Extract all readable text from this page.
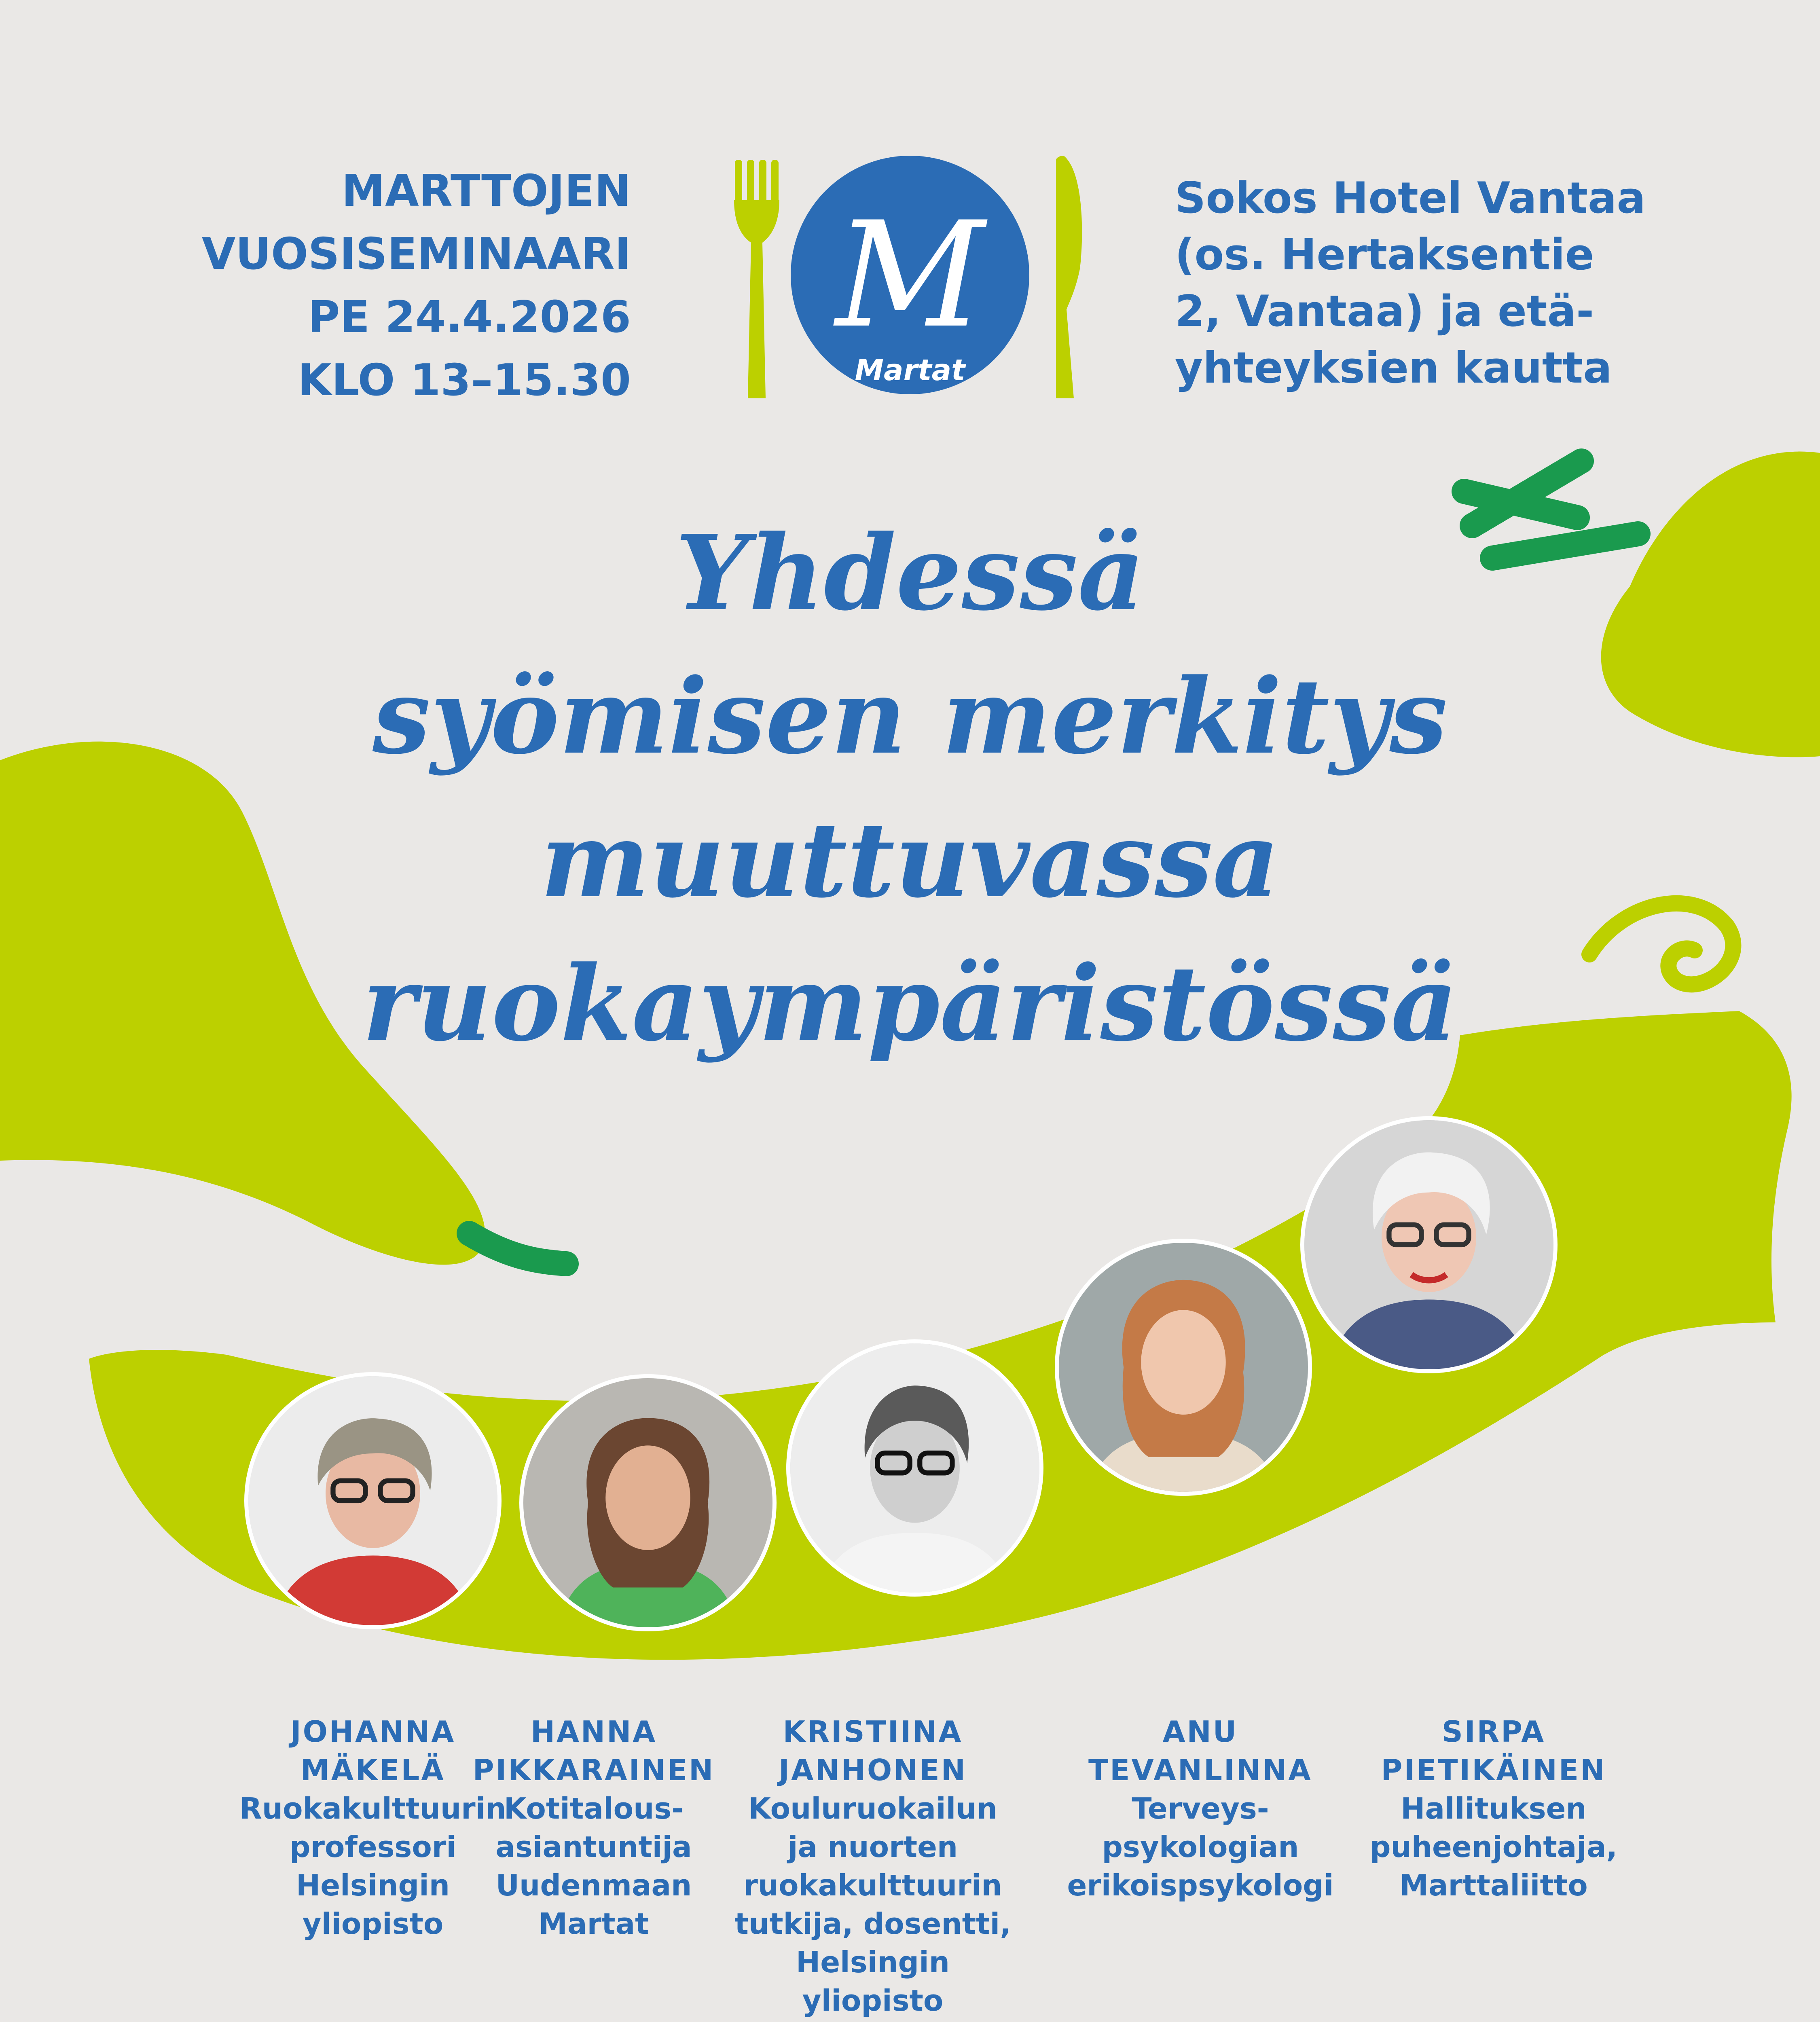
MARTTOJEN
VUOSISEMINAARI
PE 24.4.2026
KLO 13–15.30
M
Martat
Sokos Hotel Vantaa
(os. Hertaksentie
2, Vantaa) ja etä-
yhteyksien kautta
Yhdessä
syömisen merkitys
muuttuvassa
ruokaympäristössä
JOHANNA
MÄKELÄ
Ruokakulttuurin
professori
Helsingin
yliopisto
HANNA
PIKKARAINEN
Kotitalous-
asiantuntija
Uudenmaan
Martat
KRISTIINA
JANHONEN
Kouluruokailun
ja nuorten
ruokakulttuurin
tutkija, dosentti,
Helsingin
yliopisto
ANU
TEVANLINNA
Terveys-
psykologian
erikoispsykologi
SIRPA
PIETIKÄINEN
Hallituksen
puheenjohtaja,
Marttaliitto
